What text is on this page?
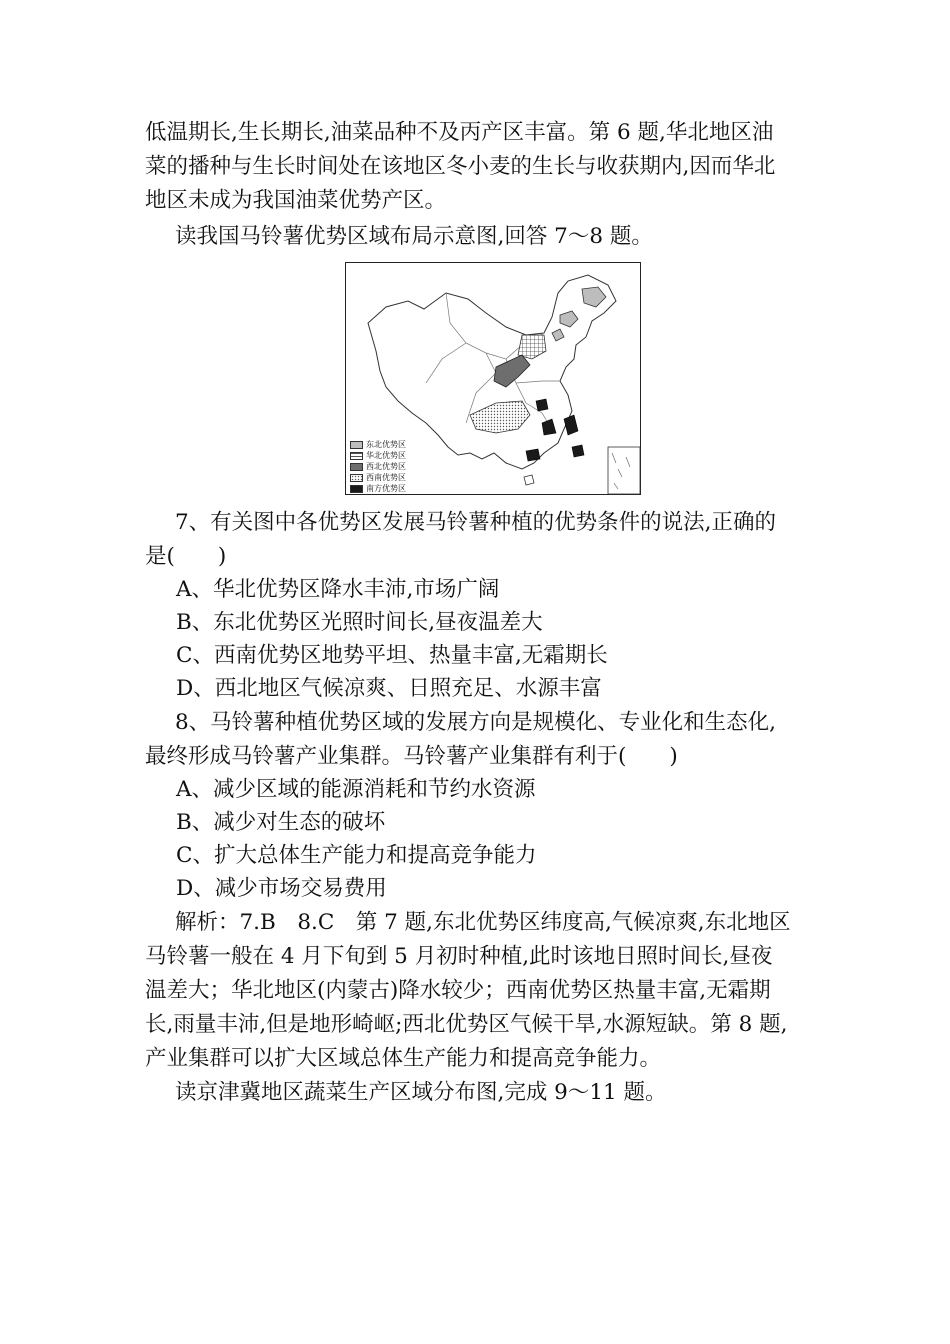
低温期长,生长期长,油菜品种不及丙产区丰富。第 6 题,华北地区油
菜的播种与生长时间处在该地区冬小麦的生长与收获期内,因而华北
地区未成为我国油菜优势产区。
读我国马铃薯优势区域布局示意图,回答 7～8 题。
东北优势区
华北优势区
西北优势区
西南优势区
南方优势区
7、有关图中各优势区发展马铃薯种植的优势条件的说法,正确的
是(　　)
A、华北优势区降水丰沛,市场广阔
B、东北优势区光照时间长,昼夜温差大
C、西南优势区地势平坦、热量丰富,无霜期长
D、西北地区气候凉爽、日照充足、水源丰富
8、马铃薯种植优势区域的发展方向是规模化、专业化和生态化,
最终形成马铃薯产业集群。马铃薯产业集群有利于(　　)
A、减少区域的能源消耗和节约水资源
B、减少对生态的破坏
C、扩大总体生产能力和提高竞争能力
D、减少市场交易费用
解析：7.B　8.C　第 7 题,东北优势区纬度高,气候凉爽,东北地区
马铃薯一般在 4 月下旬到 5 月初时种植,此时该地日照时间长,昼夜
温差大；华北地区(内蒙古)降水较少；西南优势区热量丰富,无霜期
长,雨量丰沛,但是地形崎岖;西北优势区气候干旱,水源短缺。第 8 题,
产业集群可以扩大区域总体生产能力和提高竞争能力。
读京津冀地区蔬菜生产区域分布图,完成 9～11 题。
